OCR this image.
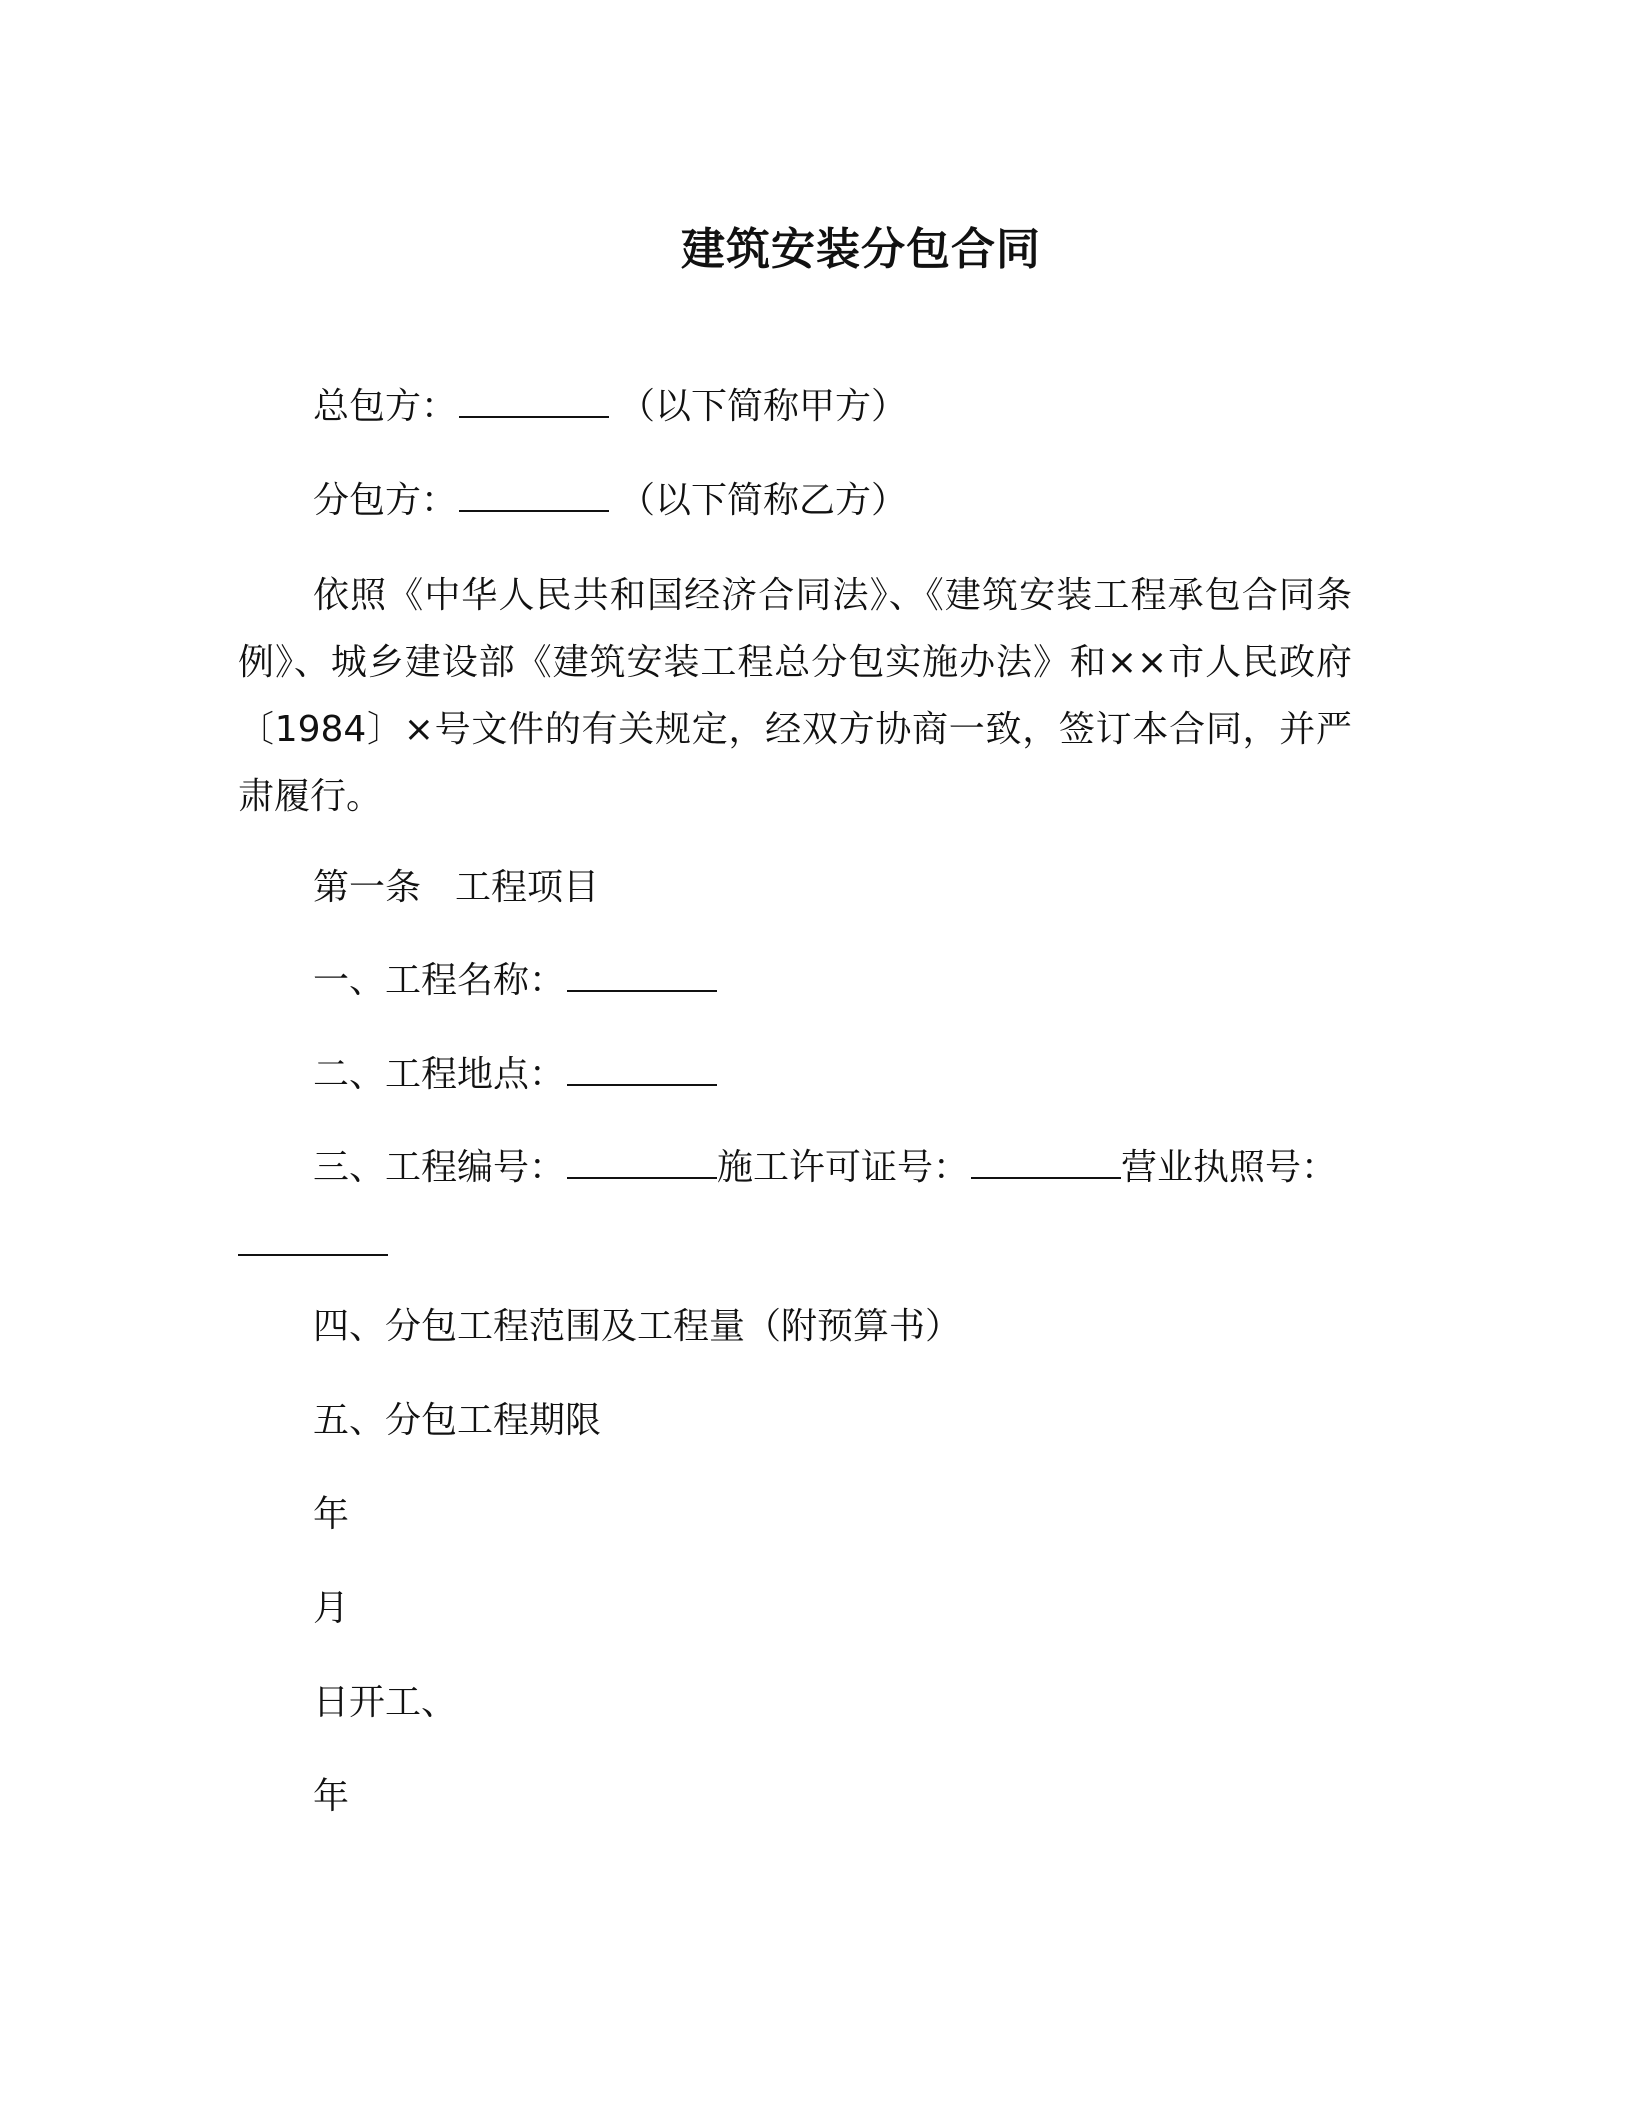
建筑安装分包合同
总包方：	（以下简称甲方）
分包方：	（以下简称乙方）
依照《中华人民共和国经济合同法》、《建筑安装工程承包合同条例》、城乡建设部《建筑安装工程总分包实施办法》和××市人民政府〔1984〕×号文件的有关规定，经双方协商一致，签订本合同，并严肃履行。
第一条 工程项目
一、工程名称：
二、工程地点：
三、工程编号：	施工许可证号：	营业执照号：
四、分包工程范围及工程量（附预算书）
五、分包工程期限
年
月
日开工、
年
